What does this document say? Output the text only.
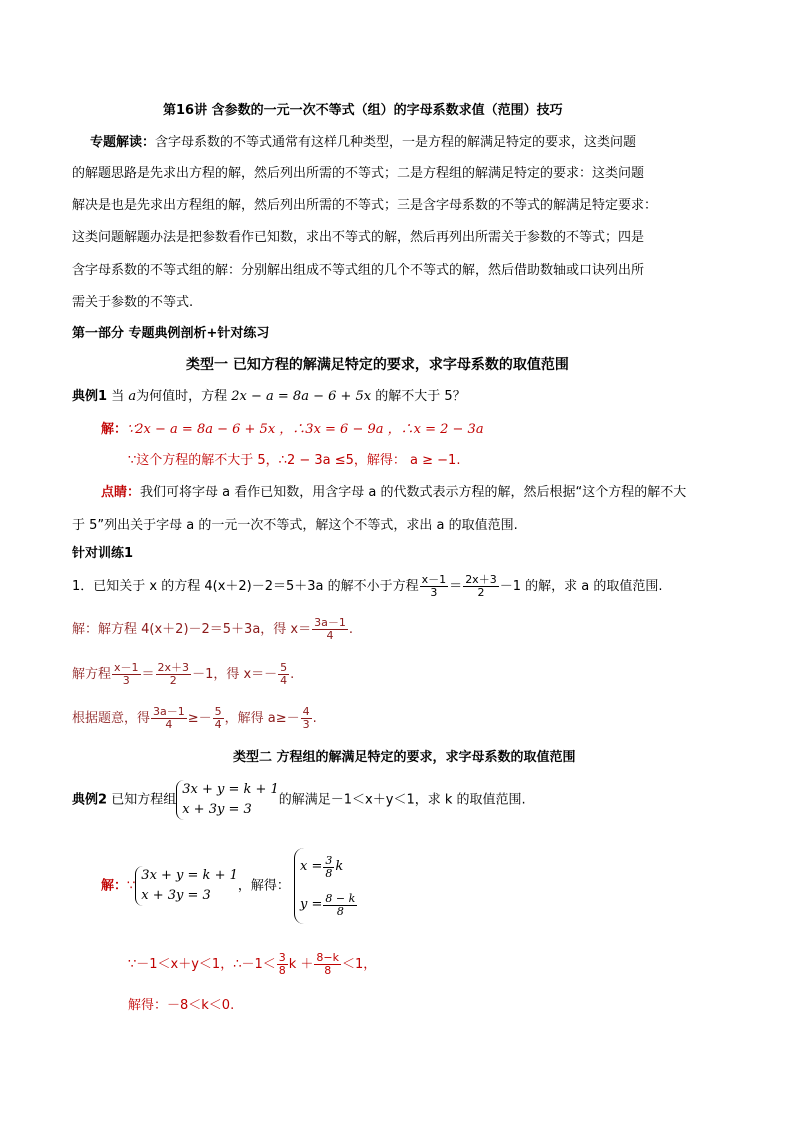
第16讲 含参数的一元一次不等式（组）的字母系数求值（范围）技巧
专题解读：含字母系数的不等式通常有这样几种类型，一是方程的解满足特定的要求，这类问题
的解题思路是先求出方程的解，然后列出所需的不等式；二是方程组的解满足特定的要求：这类问题
解决是也是先求出方程组的解，然后列出所需的不等式；三是含字母系数的不等式的解满足特定要求：
这类问题解题办法是把参数看作已知数，求出不等式的解，然后再列出所需关于参数的不等式；四是
含字母系数的不等式组的解：分别解出组成不等式组的几个不等式的解，然后借助数轴或口诀列出所
需关于参数的不等式.
第一部分 专题典例剖析+针对练习
类型一 已知方程的解满足特定的要求，求字母系数的取值范围
典例1 当 a为何值时，方程 2x − a = 8a − 6 + 5x 的解不大于 5？
解：∵2x − a = 8a − 6 + 5x ，∴3x = 6 − 9a ，∴x = 2 − 3a
∵这个方程的解不大于 5，∴2 − 3a ≤5，解得： a ≥ −1.
点睛：我们可将字母 a 看作已知数，用含字母 a 的代数式表示方程的解，然后根据“这个方程的解不大
于 5”列出关于字母 a 的一元一次不等式，解这个不等式，求出 a 的取值范围.
针对训练1
1．已知关于 x 的方程 4(x＋2)－2＝5＋3a 的解不小于方程 $\frac{x-1}{3} = \frac{2x+3}{2} -1$ 的解，求 a 的取值范围.
解：解方程 4(x＋2)－2＝5＋3a，得 $x= \frac{3a-1}{4}$ .
解方程 $\frac{x-1}{3} = \frac{2x+3}{2} -1$，得 $x=- \frac{5}{4}$ .
根据题意，得 $\frac{3a-1}{4} \ge- \frac{5}{4}$ ，解得 $a\ge- \frac{4}{3}$ .
类型二 方程组的解满足特定的要求，求字母系数的取值范围
典例2 已知方程组
3x + y = k + 1
x + 3y = 3
的解满足－1＜x＋y＜1，求 k 的取值范围.
解：∵
3x + y = k + 1
x + 3y = 3
，解得：
$x = \frac{3}{8}$ k
$y = \frac{8 - k}{8}$
∵－1＜x＋y＜1，∴－1＜ $\frac{3}{8}$ $k + \frac{8-k}{8} <1$，
解得：－8＜k＜0.
